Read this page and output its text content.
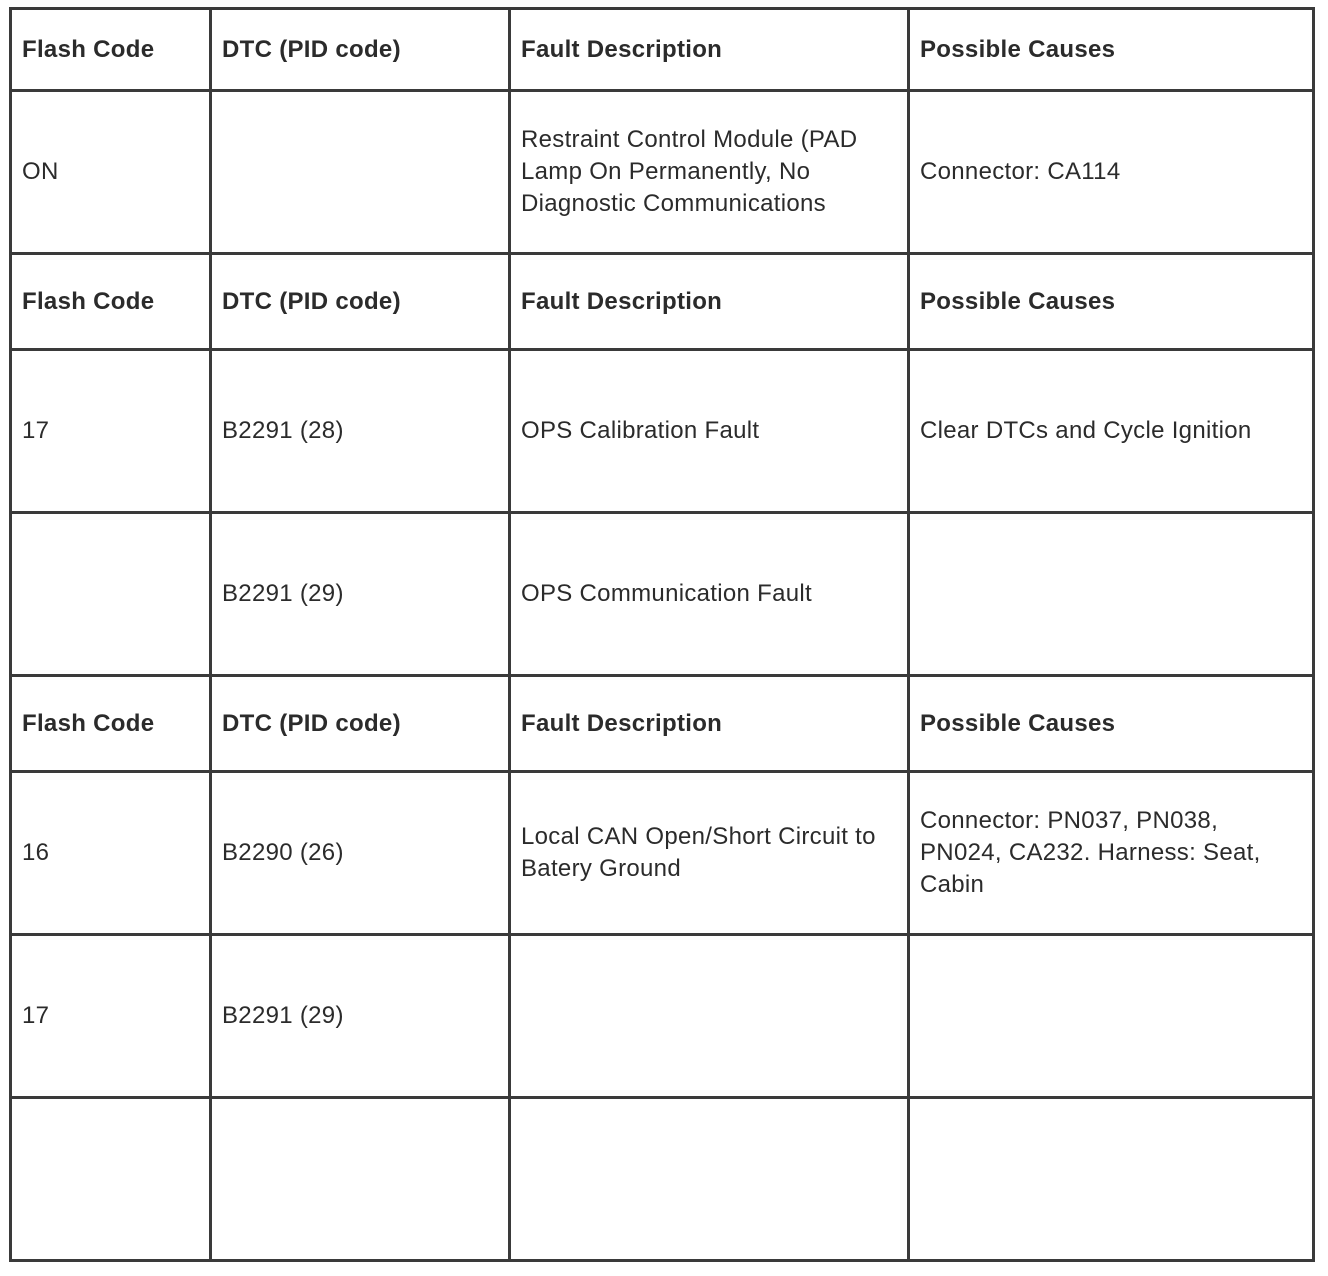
Flash Code	DTC (PID code)	Fault Description	Possible Causes
ON		Restraint Control Module (PAD Lamp On Permanently, No Diagnostic Communications	Connector: CA114
Flash Code	DTC (PID code)	Fault Description	Possible Causes
17	B2291 (28)	OPS Calibration Fault	Clear DTCs and Cycle Ignition
	B2291 (29)	OPS Communication Fault	
Flash Code	DTC (PID code)	Fault Description	Possible Causes
16	B2290 (26)	Local CAN Open/Short Circuit to Batery Ground	Connector: PN037, PN038, PN024, CA232. Harness: Seat, Cabin
17	B2291 (29)		
